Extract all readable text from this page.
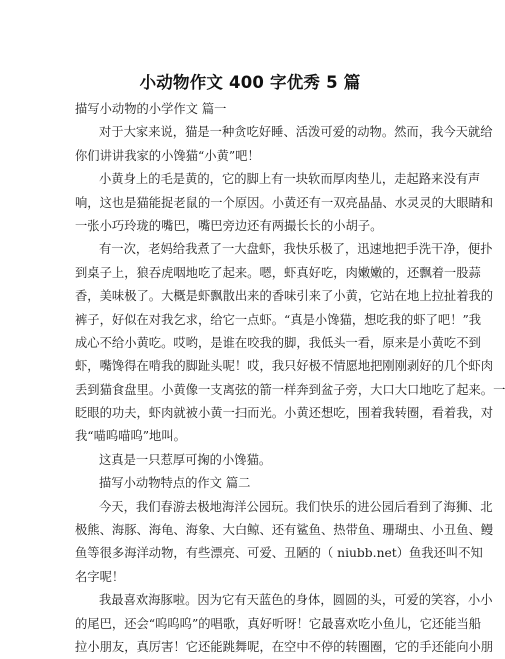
小动物作文 400 字优秀 5 篇
描写小动物的小学作文 篇一
对于大家来说，猫是一种贪吃好睡、活泼可爱的动物。然而，我今天就给
你们讲讲我家的小馋猫“小黄”吧！
小黄身上的毛是黄的，它的脚上有一块软而厚肉垫儿，走起路来没有声
响，这也是猫能捉老鼠的一个原因。小黄还有一双亮晶晶、水灵灵的大眼睛和
一张小巧玲珑的嘴巴，嘴巴旁边还有两撮长长的小胡子。
有一次，老妈给我煮了一大盘虾，我快乐极了，迅速地把手洗干净，便扑
到桌子上，狼吞虎咽地吃了起来。嗯，虾真好吃，肉嫩嫩的，还飘着一股蒜
香，美味极了。大概是虾飘散出来的香味引来了小黄，它站在地上拉扯着我的
裤子，好似在对我乞求，给它一点虾。“真是小馋猫，想吃我的虾了吧！”我
成心不给小黄吃。哎哟，是谁在咬我的脚，我低头一看，原来是小黄吃不到
虾，嘴馋得在啃我的脚趾头呢！哎，我只好极不情愿地把刚刚剥好的几个虾肉
丢到猫食盘里。小黄像一支离弦的箭一样奔到盆子旁，大口大口地吃了起来。一
眨眼的功夫，虾肉就被小黄一扫而光。小黄还想吃，围着我转圈，看着我，对
我“喵呜喵呜”地叫。
这真是一只惹厚可掬的小馋猫。
描写小动物特点的作文 篇二
今天，我们春游去极地海洋公园玩。我们快乐的进公园后看到了海狮、北
极熊、海豚、海龟、海象、大白鲸、还有鲨鱼、热带鱼、珊瑚虫、小丑鱼、鳗
鱼等很多海洋动物，有些漂亮、可爱、丑陋的（ niubb.net）鱼我还叫不知
名字呢！
我最喜欢海豚啦。因为它有天蓝色的身体，圆圆的头，可爱的笑容，小小
的尾巴，还会“呜呜呜”的唱歌，真好听呀！它最喜欢吃小鱼儿，它还能当船
拉小朋友，真厉害！它还能跳舞呢，在空中不停的转圈圈，它的手还能向小朋
